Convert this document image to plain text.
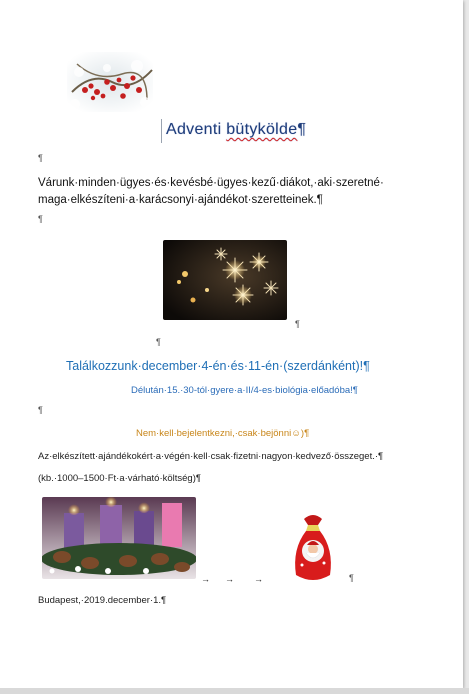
Adventi bütykölde¶
¶
Várunk·minden·ügyes·és·kevésbé·ügyes·kezű·diákot,·aki·szeretné·
maga·elkészíteni·a·karácsonyi·ajándékot·szeretteinek.¶
¶
¶
¶
Találkozzunk·december·4-én·és·11-én·(szerdánként)!¶
Délután·15.·30-tól·gyere·a·II/4-es·biológia·előadóba!¶
¶
Nem·kell·bejelentkezni,·csak·bejönni☺)¶
Az·elkészített·ajándékokért·a·végén·kell·csak·fizetni·nagyon·kedvező·összeget.·¶
(kb.·1000–1500·Ft·a·várható·költség)¶
→ → →	¶
Budapest,·2019.december·1.¶
